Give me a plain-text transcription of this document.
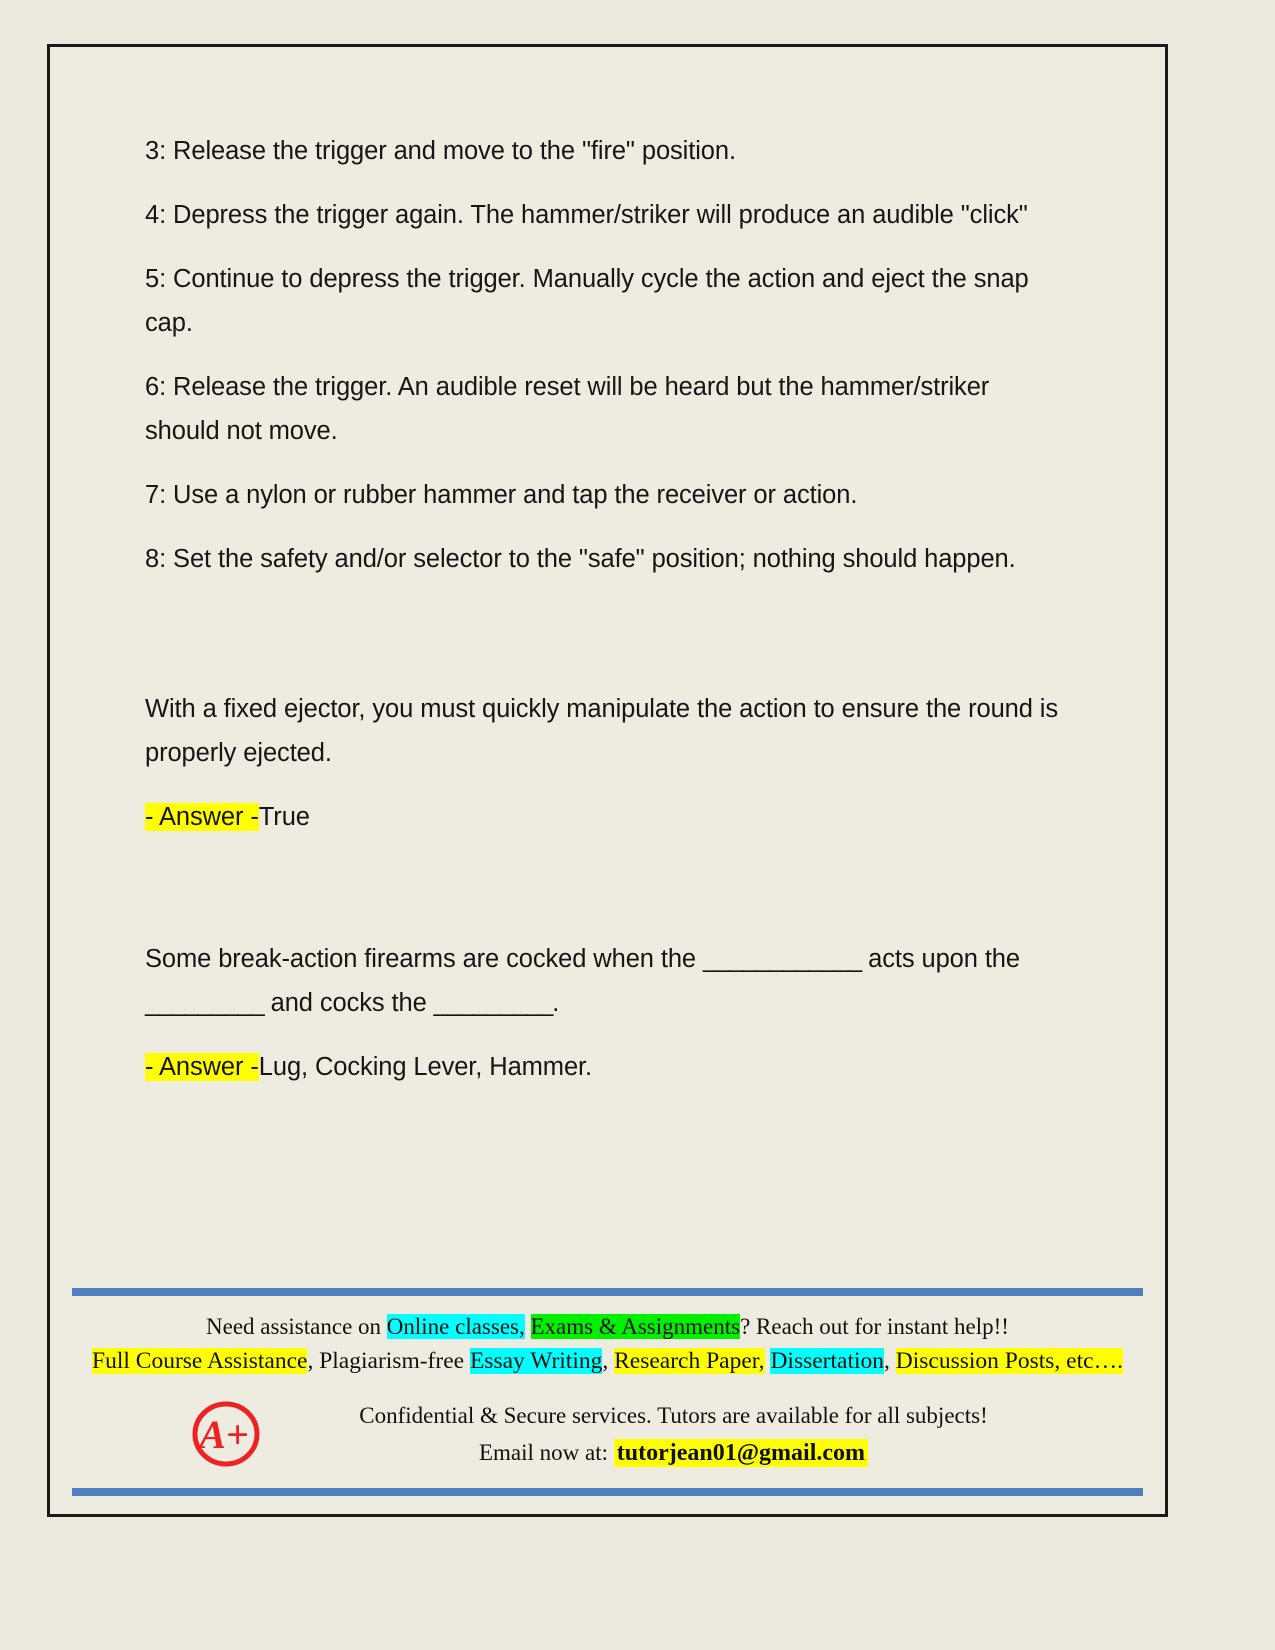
3: Release the trigger and move to the "fire" position.

4: Depress the trigger again. The hammer/striker will produce an audible "click"

5: Continue to depress the trigger. Manually cycle the action and eject the snap cap.

6: Release the trigger. An audible reset will be heard but the hammer/striker should not move.

7: Use a nylon or rubber hammer and tap the receiver or action.

8: Set the safety and/or selector to the "safe" position; nothing should happen.

With a fixed ejector, you must quickly manipulate the action to ensure the round is properly ejected.

- Answer -True

Some break-action firearms are cocked when the ____________ acts upon the _________ and cocks the _________.

- Answer -Lug, Cocking Lever, Hammer.

Need assistance on Online classes, Exams & Assignments? Reach out for instant help!!
Full Course Assistance, Plagiarism-free Essay Writing, Research Paper, Dissertation, Discussion Posts, etc….
A+	Confidential & Secure services. Tutors are available for all subjects!
Email now at: tutorjean01@gmail.com
